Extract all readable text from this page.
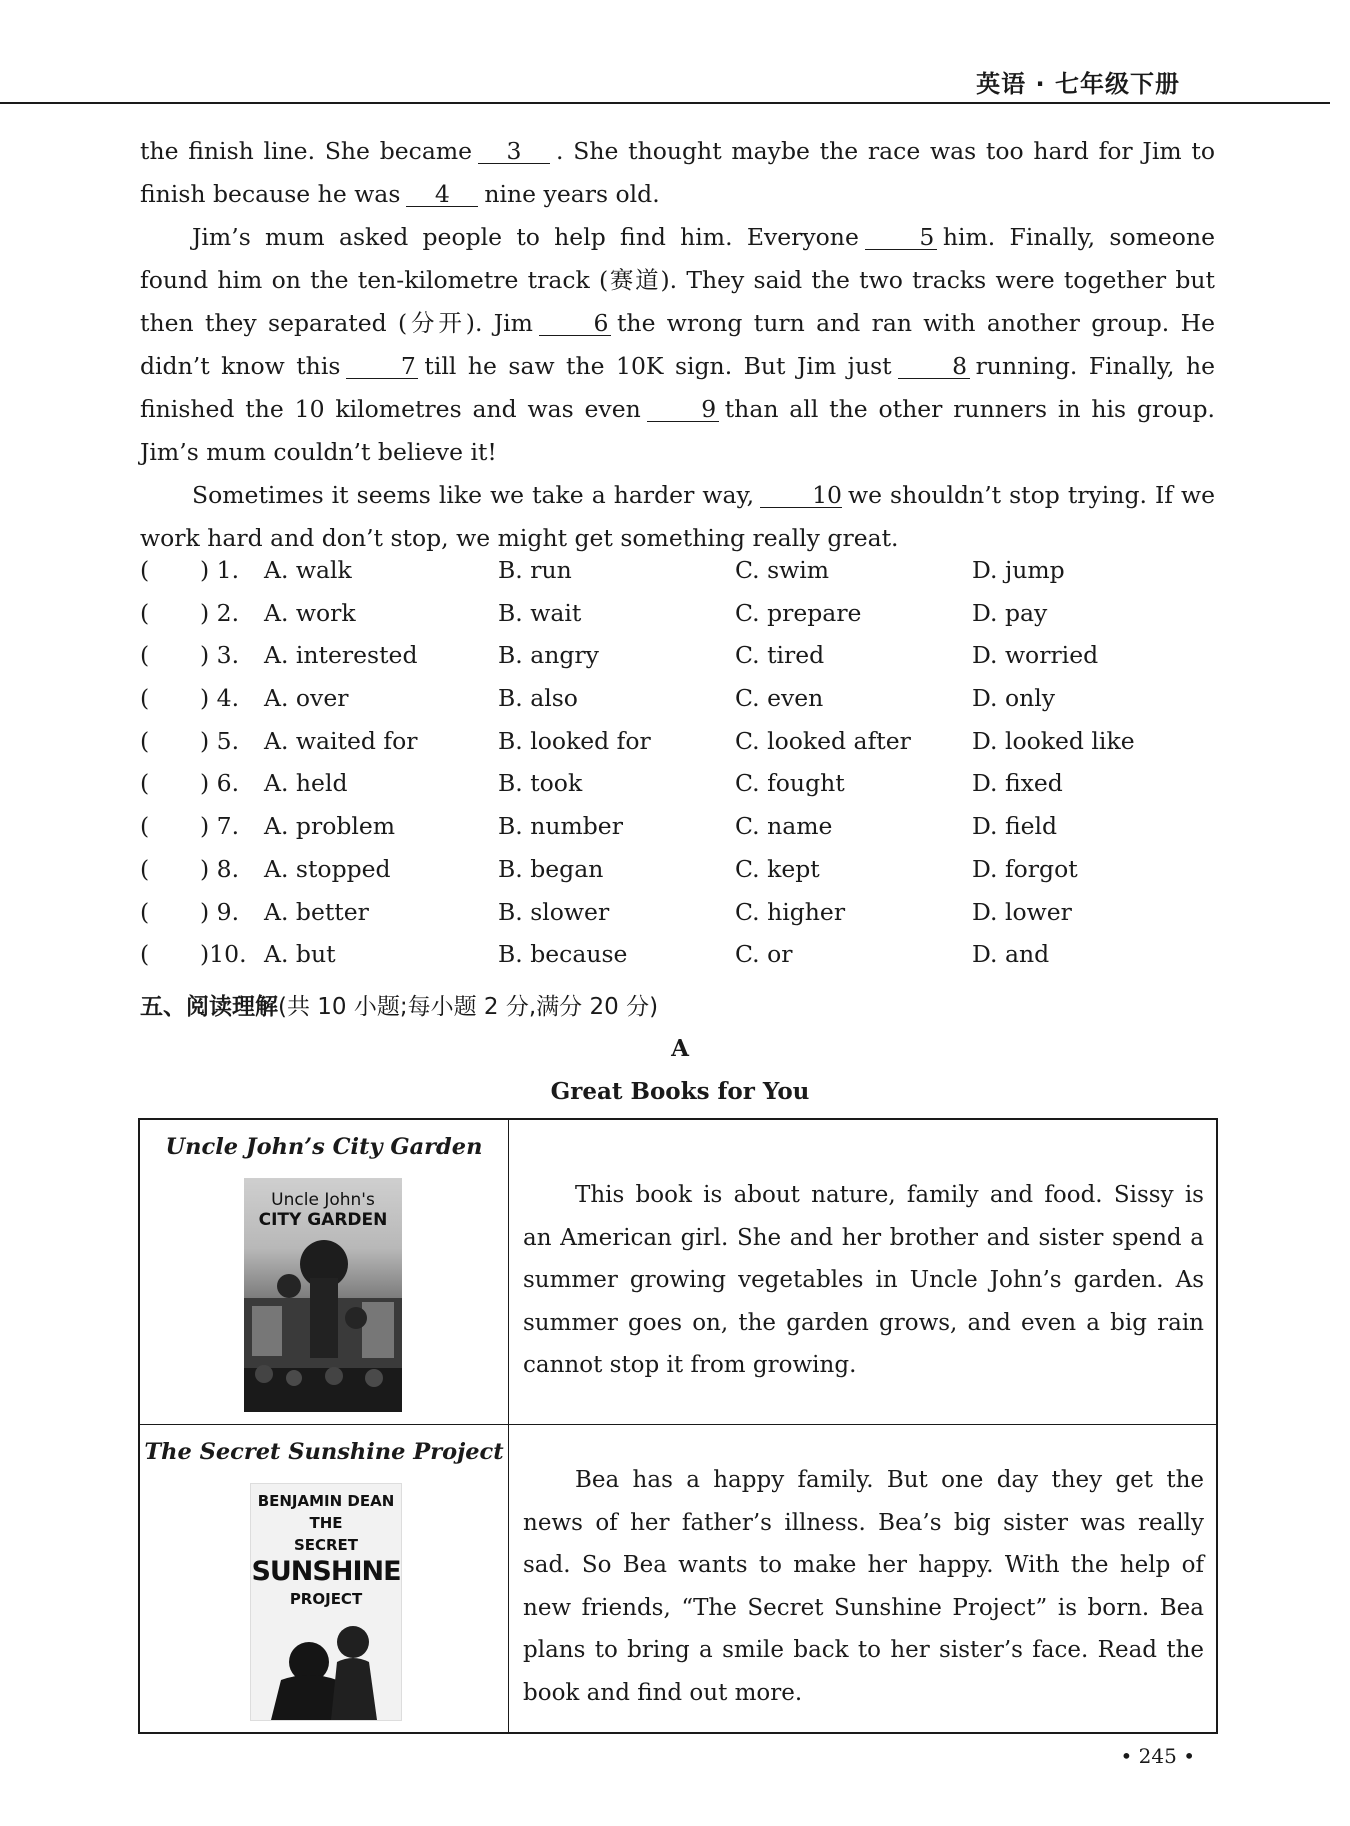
英语 · 七年级下册

the finish line. She became 3 . She thought maybe the race was too hard for Jim to finish because he was 4 nine years old.

Jim’s mum asked people to help find him. Everyone	5 him. Finally, someone found him on the ten-kilometre track (赛道). They said the two tracks were together but then they separated (分开). Jim	6 the wrong turn and ran with another group. He didn’t know this	7 till he saw the 10K sign. But Jim just	8 running. Finally, he finished the 10 kilometres and was even	9 than all the other runners in his group. Jim’s mum couldn’t believe it!

Sometimes it seems like we take a harder way, 10 we shouldn’t stop trying. If we work hard and don’t stop, we might get something really great.

( ) 1. A. walk	B. run	C. swim	D. jump
( ) 2. A. work	B. wait	C. prepare	D. pay
( ) 3. A. interested	B. angry	C. tired	D. worried
( ) 4. A. over	B. also	C. even	D. only
( ) 5. A. waited for	B. looked for	C. looked after	D. looked like
( ) 6. A. held	B. took	C. fought	D. fixed
( ) 7. A. problem	B. number	C. name	D. field
( ) 8. A. stopped	B. began	C. kept	D. forgot
( ) 9. A. better	B. slower	C. higher	D. lower
( )10. A. but	B. because	C. or	D. and
五、阅读理解(共 10 小题;每小题 2 分,满分 20 分)
A
Great Books for You
Uncle John’s City Garden
Uncle John's
CITY GARDEN

This book is about nature, family and food. Sissy is an American girl. She and her brother and sister spend a summer growing vegetables in Uncle John’s garden. As summer goes on, the garden grows, and even a big rain cannot stop it from growing.

The Secret Sunshine Project
BENJAMIN DEAN
THE
SECRET
SUNSHINE
PROJECT

Bea has a happy family. But one day they get the news of her father’s illness. Bea’s big sister was really sad. So Bea wants to make her happy. With the help of new friends, “The Secret Sunshine Project” is born. Bea plans to bring a smile back to her sister’s face. Read the book and find out more.

• 245 •
